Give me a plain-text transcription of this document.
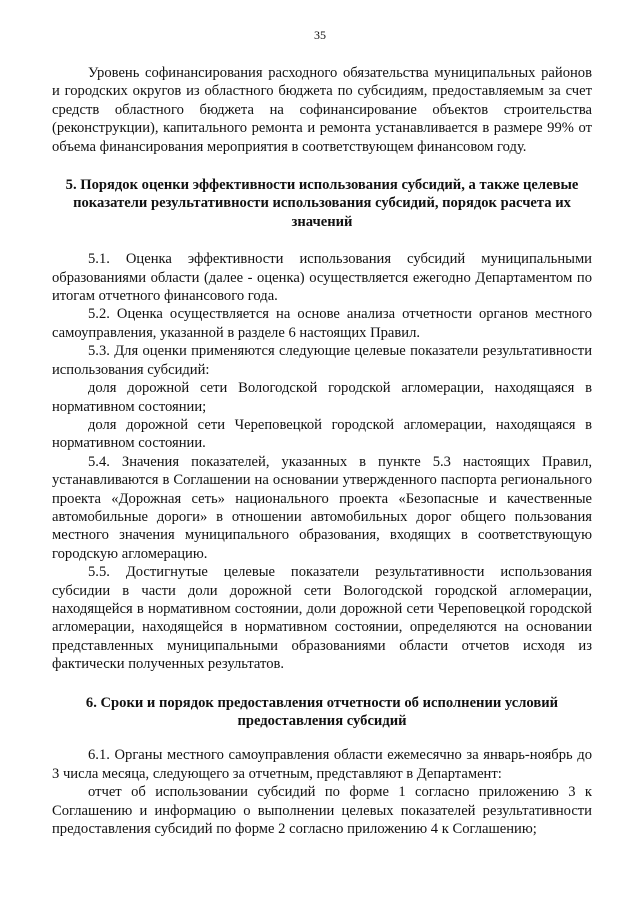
35

Уровень софинансирования расходного обязательства муниципальных районов и городских округов из областного бюджета по субсидиям, предоставляемым за счет средств областного бюджета на софинансирование объектов строительства (реконструкции), капитального ремонта и ремонта устанавливается в размере 99% от объема финансирования мероприятия в соответствующем финансовом году.

5. Порядок оценки эффективности использования субсидий, а также целевые показатели результативности использования субсидий, порядок расчета их значений

5.1. Оценка эффективности использования субсидий муниципальными образованиями области (далее - оценка) осуществляется ежегодно Департаментом по итогам отчетного финансового года.

5.2. Оценка осуществляется на основе анализа отчетности органов местного самоуправления, указанной в разделе 6 настоящих Правил.

5.3. Для оценки применяются следующие целевые показатели результативности использования субсидий:

доля дорожной сети Вологодской городской агломерации, находящаяся в нормативном состоянии;

доля дорожной сети Череповецкой городской агломерации, находящаяся в нормативном состоянии.

5.4. Значения показателей, указанных в пункте 5.3 настоящих Правил, устанавливаются в Соглашении на основании утвержденного паспорта регионального проекта «Дорожная сеть» национального проекта «Безопасные и качественные автомобильные дороги» в отношении автомобильных дорог общего пользования местного значения муниципального образования, входящих в соответствующую городскую агломерацию.

5.5. Достигнутые целевые показатели результативности использования субсидии в части доли дорожной сети Вологодской городской агломерации, находящейся в нормативном состоянии, доли дорожной сети Череповецкой городской агломерации, находящейся в нормативном состоянии, определяются на основании представленных муниципальными образованиями области отчетов исходя из фактически полученных результатов.

6. Сроки и порядок предоставления отчетности об исполнении условий предоставления субсидий

6.1. Органы местного самоуправления области ежемесячно за январь-ноябрь до 3 числа месяца, следующего за отчетным, представляют в Департамент:

отчет об использовании субсидий по форме 1 согласно приложению 3 к Соглашению и информацию о выполнении целевых показателей результативности предоставления субсидий по форме 2 согласно приложению 4 к Соглашению;
